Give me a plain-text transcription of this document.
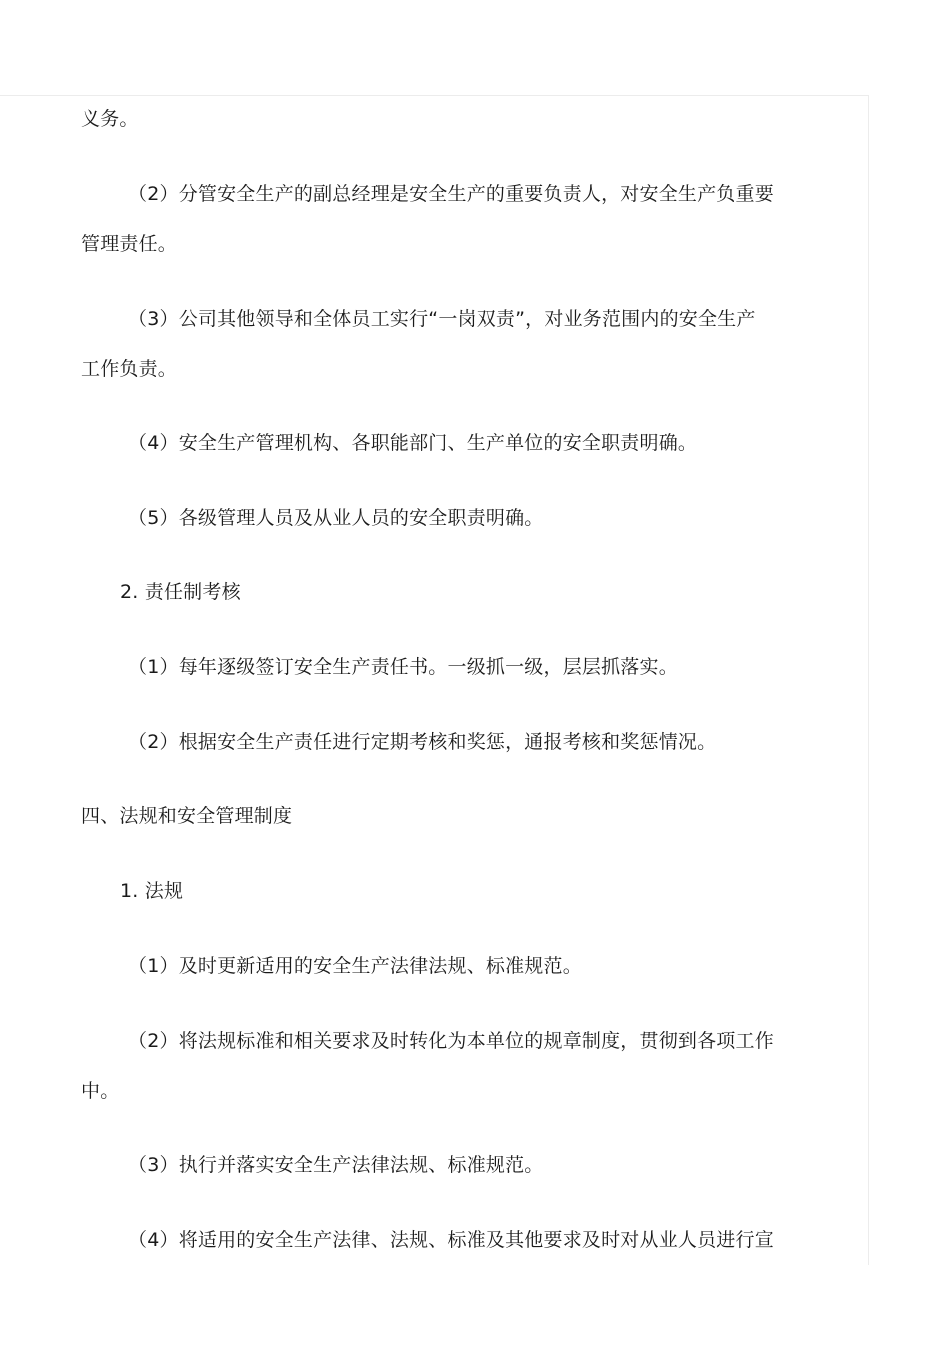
义务。
（2）分管安全生产的副总经理是安全生产的重要负责人，对安全生产负重要
管理责任。
（3）公司其他领导和全体员工实行“一岗双责”，对业务范围内的安全生产
工作负责。
（4）安全生产管理机构、各职能部门、生产单位的安全职责明确。
（5）各级管理人员及从业人员的安全职责明确。
2. 责任制考核
（1）每年逐级签订安全生产责任书。一级抓一级，层层抓落实。
（2）根据安全生产责任进行定期考核和奖惩，通报考核和奖惩情况。
四、法规和安全管理制度
1. 法规
（1）及时更新适用的安全生产法律法规、标准规范。
（2）将法规标准和相关要求及时转化为本单位的规章制度，贯彻到各项工作
中。
（3）执行并落实安全生产法律法规、标准规范。
（4）将适用的安全生产法律、法规、标准及其他要求及时对从业人员进行宣
